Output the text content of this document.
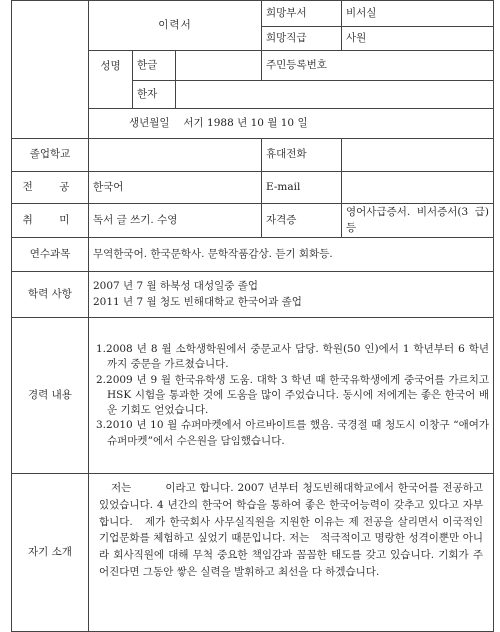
	이력서			희망부서	비서실
				희망직급	사원
	성명	한글		주민등록번호	
		한자			
	생년월일　 서기 1988 년 10 월 10 일				
졸업학교				휴대전화	
전　공	한국어			E-mail	
취　미	독서 글 쓰기. 수영			자격증	영어사급증서. 비서증서(3 급) 등
연수과목	무역한국어. 한국문학사. 문학작품감상. 듣기 회화등.				
학력 사항	2007 년 7 월 하북성 대성일중 졸업
2011 년 7 월 청도 빈해대학교 한국어과 졸업				

경력 내용	1.2008 년 8 월 소학생학원에서 중문교사 담당. 학원(50 인)에서 1 학년부터 6 학년까지 중문을 가르쳤습니다.

2.2009 년 9 월 한국유학생 도움. 대학 3 학년 때 한국유학생에게 중국어를 가르치고 HSK 시험을 통과한 것에 도움을 많이 주었습니다. 동시에 저에게는 좋은 한국어 배운 기회도 얻었습니다.

3.2010 년 10 월 슈퍼마켓에서 아르바이트를 했음. 국경절 때 청도시 이창구 “애여가 슈퍼마켓”에서 수은원을 담임했습니다.				

자기 소개	저는　　　이라고 합니다. 2007 년부터 청도빈해대학교에서 한국어를 전공하고 있었습니다. 4 년간의 한국어 학습을 통하여 좋은 한국어능력이 갖추고 있다고 자부합니다.　제가 한국회사 사무실직원을 지원한 이유는 제 전공을 살리면서 이국적인 기업문화를 체험하고 싶었기 때문입니다. 저는　적극적이고 명랑한 성격이뿐만 아니라 회사직원에 대해 무척 중요한 책임감과 꼼꼼한 태도를 갖고 있습니다. 기회가 주어진다면 그동안 쌓은 실력을 발휘하고 최선을 다 하겠습니다.				
